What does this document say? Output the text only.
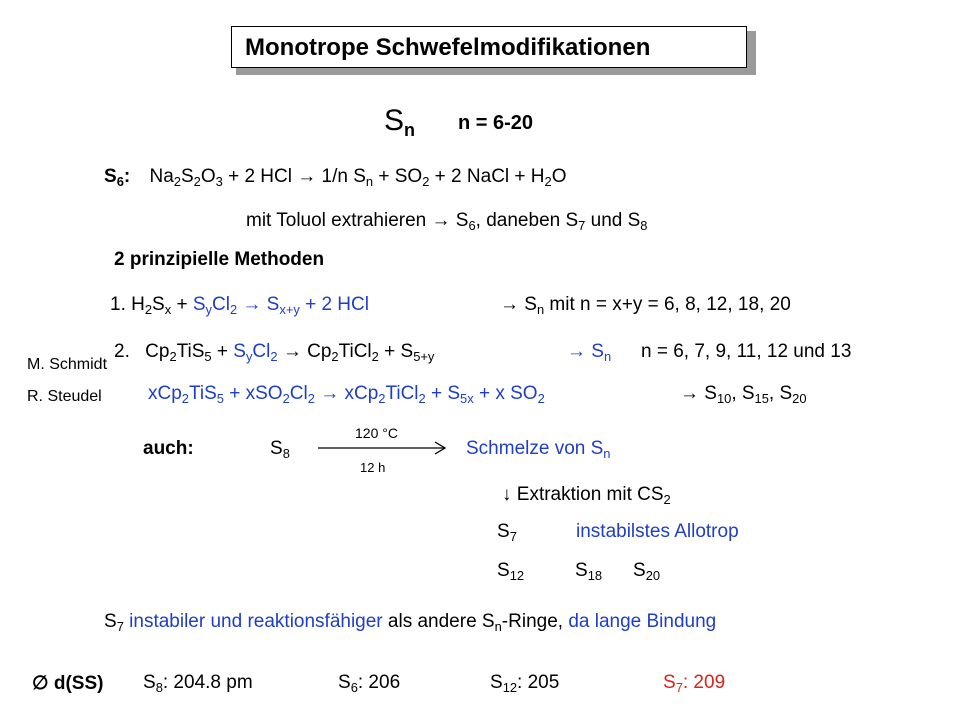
Monotrope Schwefelmodifikationen
$S_n$ n = 6-20
$S_6$: $Na_2S_2O_3 + 2$ HCl → 1/n $S_n + SO_2 + 2$ NaCl + $H_2O$
mit Toluol extrahieren → $S_6$, daneben $S_7$ und $S_8$
2 prinzipielle Methoden
1. $H_2S_x + S_yCl_2 \to S_{x+y} + 2$ HCl	→ $S_n$ mit n = x+y = 6, 8, 12, 18, 20
2. $Cp_2TiS_5 + S_yCl_2$ → $Cp_2TiCl_2 + S_{5+y}$	→ $S_n$ n = 6, 7, 9, 11, 12 und 13
M. Schmidt
R. Steudel $xCp_2TiS_5 + xSO_2Cl_2$ → xCp$_2$TiCl$_2$ + $S_{5x} + x$ $SO_2$	→ $S_{10}$, $S_{15}$, $S_{20}$
auch:	$S_8$
120 °C
12 h
Schmelze von $S_n$
↓ Extraktion mit $CS_2$
$S_7$	instabilstes Allotrop
$S_{12}$	$S_{18}$ $S_{20}$
$S_7$ instabiler und reaktionsfähiger als andere $S_n$-Ringe, da lange Bindung
∅ d(SS) $S_8$: 204.8 pm	$S_6$: 206	$S_{12}$: 205	$S_7$: 209
